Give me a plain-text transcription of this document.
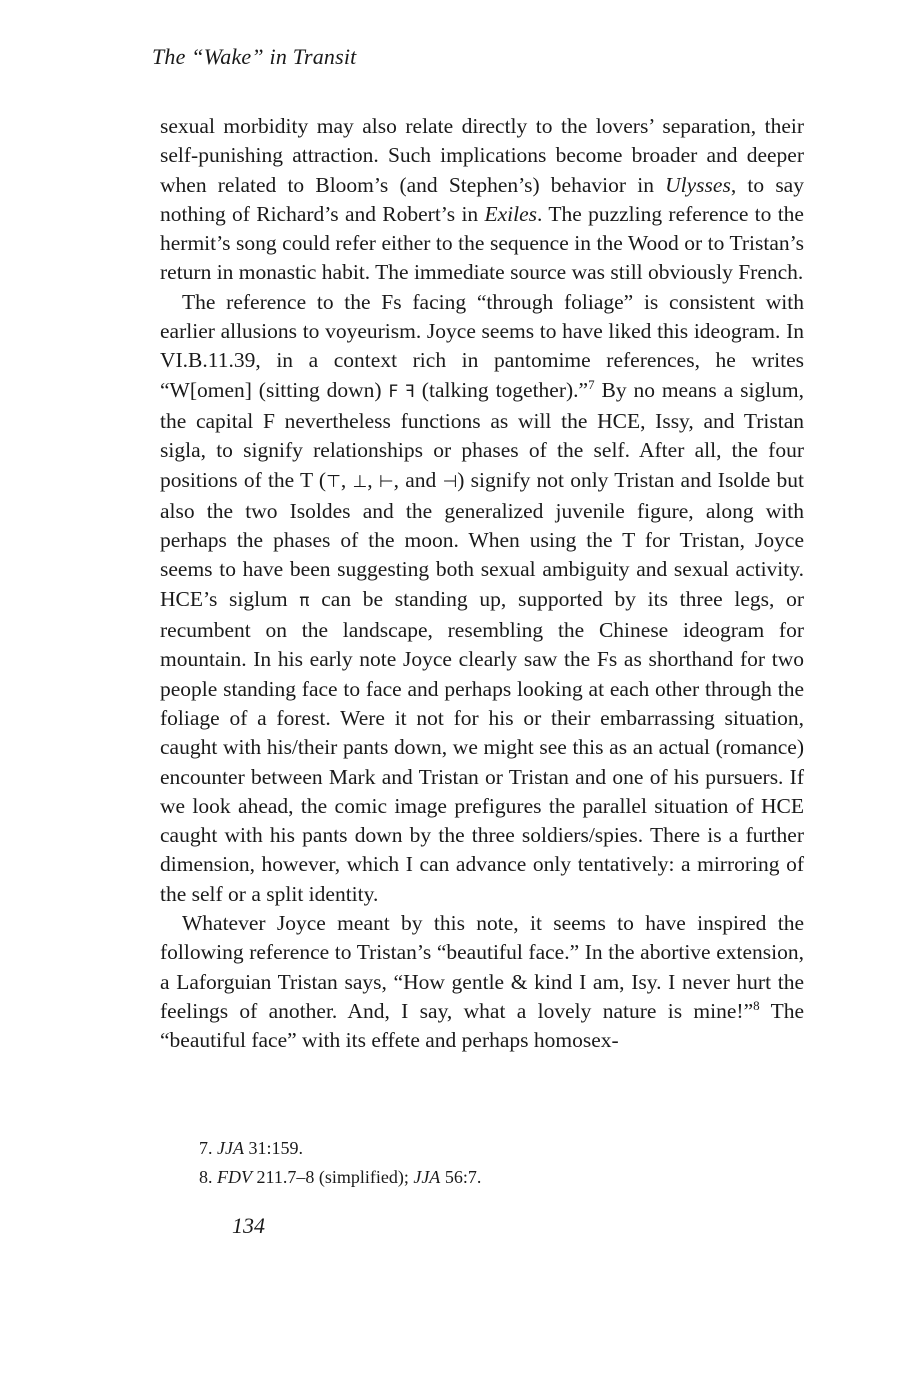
The “Wake” in Transit

sexual morbidity may also relate directly to the lovers’ separation, their self-punishing attraction. Such implications become broader and deeper when related to Bloom’s (and Stephen’s) behavior in Ulysses, to say nothing of Richard’s and Robert’s in Exiles. The puzzling reference to the hermit’s song could refer either to the sequence in the Wood or to Tristan’s return in monastic habit. The immediate source was still obviously French.

The reference to the Fs facing “through foliage” is consistent with earlier allusions to voyeurism. Joyce seems to have liked this ideogram. In VI.B.11.39, in a context rich in pantomime references, he writes “W[omen] (sitting down) F ꟻ (talking together).”$^7$ By no means a siglum, the capital F nevertheless functions as will the HCE, Issy, and Tristan sigla, to signify relationships or phases of the self. After all, the four positions of the T (⊤, ⊥, ⊢, and ⊣) signify not only Tristan and Isolde but also the two Isoldes and the generalized juvenile figure, along with perhaps the phases of the moon. When using the T for Tristan, Joyce seems to have been suggesting both sexual ambiguity and sexual activity. HCE’s siglum π can be standing up, supported by its three legs, or recumbent on the landscape, resembling the Chinese ideogram for mountain. In his early note Joyce clearly saw the Fs as shorthand for two people standing face to face and perhaps looking at each other through the foliage of a forest. Were it not for his or their embarrassing situation, caught with his/their pants down, we might see this as an actual (romance) encounter between Mark and Tristan or Tristan and one of his pursuers. If we look ahead, the comic image prefigures the parallel situation of HCE caught with his pants down by the three soldiers/spies. There is a further dimension, however, which I can advance only tentatively: a mirroring of the self or a split identity.

Whatever Joyce meant by this note, it seems to have inspired the following reference to Tristan’s “beautiful face.” In the abortive extension, a Laforguian Tristan says, “How gentle & kind I am, Isy. I never hurt the feelings of another. And, I say, what a lovely nature is mine!”$^8$ The “beautiful face” with its effete and perhaps homosex-

7. JJA 31:159.

8. FDV 211.7–8 (simplified); JJA 56:7.

134
